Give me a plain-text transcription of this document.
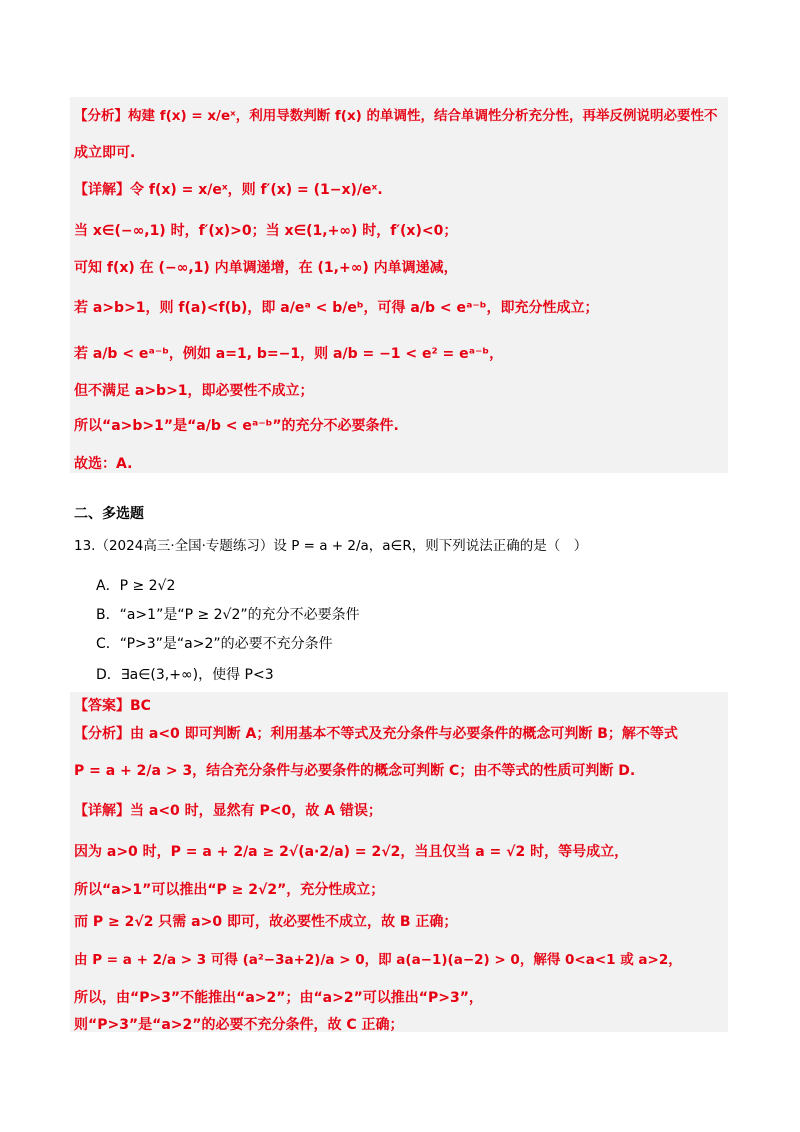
【分析】构建 f(x) = x/eˣ，利用导数判断 f(x) 的单调性，结合单调性分析充分性，再举反例说明必要性不
成立即可.
【详解】令 f(x) = x/eˣ，则 f′(x) = (1−x)/eˣ.
当 x∈(−∞,1) 时，f′(x)>0；当 x∈(1,+∞) 时，f′(x)<0；
可知 f(x) 在 (−∞,1) 内单调递增，在 (1,+∞) 内单调递减，
若 a>b>1，则 f(a)<f(b)，即 a/eᵃ < b/eᵇ，可得 a/b < eᵃ⁻ᵇ，即充分性成立；
若 a/b < eᵃ⁻ᵇ，例如 a=1, b=−1，则 a/b = −1 < e² = eᵃ⁻ᵇ，
但不满足 a>b>1，即必要性不成立；
所以“a>b>1”是“a/b < eᵃ⁻ᵇ”的充分不必要条件.
故选：A.
二、多选题
13.（2024高三·全国·专题练习）设 P = a + 2/a，a∈R，则下列说法正确的是（　）
A．P ≥ 2√2
B．“a>1”是“P ≥ 2√2”的充分不必要条件
C．“P>3”是“a>2”的必要不充分条件
D．∃a∈(3,+∞)，使得 P<3
【答案】BC
【分析】由 a<0 即可判断 A；利用基本不等式及充分条件与必要条件的概念可判断 B；解不等式
P = a + 2/a > 3，结合充分条件与必要条件的概念可判断 C；由不等式的性质可判断 D.
【详解】当 a<0 时，显然有 P<0，故 A 错误；
因为 a>0 时，P = a + 2/a ≥ 2√(a·2/a) = 2√2，当且仅当 a = √2 时，等号成立，
所以“a>1”可以推出“P ≥ 2√2”，充分性成立；
而 P ≥ 2√2 只需 a>0 即可，故必要性不成立，故 B 正确；
由 P = a + 2/a > 3 可得 (a²−3a+2)/a > 0，即 a(a−1)(a−2) > 0，解得 0<a<1 或 a>2，
所以，由“P>3”不能推出“a>2”；由“a>2”可以推出“P>3”，
则“P>3”是“a>2”的必要不充分条件，故 C 正确；
